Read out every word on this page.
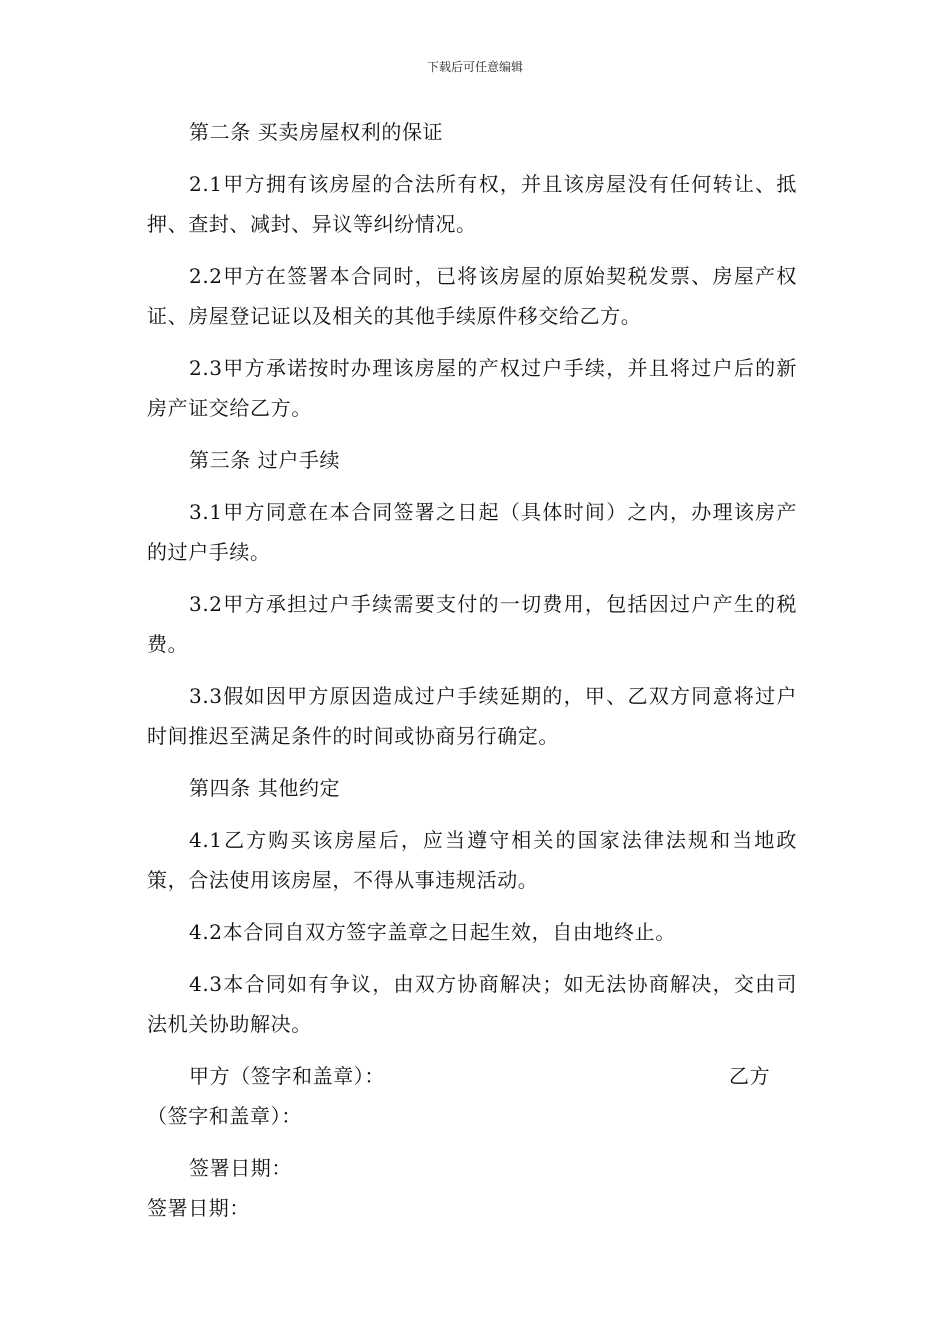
下载后可任意编辑

第二条 买卖房屋权利的保证

2.1甲方拥有该房屋的合法所有权，并且该房屋没有任何转让、抵押、查封、减封、异议等纠纷情况。

2.2甲方在签署本合同时，已将该房屋的原始契税发票、房屋产权证、房屋登记证以及相关的其他手续原件移交给乙方。

2.3甲方承诺按时办理该房屋的产权过户手续，并且将过户后的新房产证交给乙方。

第三条 过户手续

3.1甲方同意在本合同签署之日起（具体时间）之内，办理该房产的过户手续。

3.2甲方承担过户手续需要支付的一切费用，包括因过户产生的税费。

3.3假如因甲方原因造成过户手续延期的，甲、乙双方同意将过户时间推迟至满足条件的时间或协商另行确定。

第四条 其他约定

4.1乙方购买该房屋后，应当遵守相关的国家法律法规和当地政策，合法使用该房屋，不得从事违规活动。

4.2本合同自双方签字盖章之日起生效，自由地终止。

4.3本合同如有争议，由双方协商解决；如无法协商解决，交由司法机关协助解决。

甲方（签字和盖章）：	乙方
（签字和盖章）：
签署日期：
签署日期：
